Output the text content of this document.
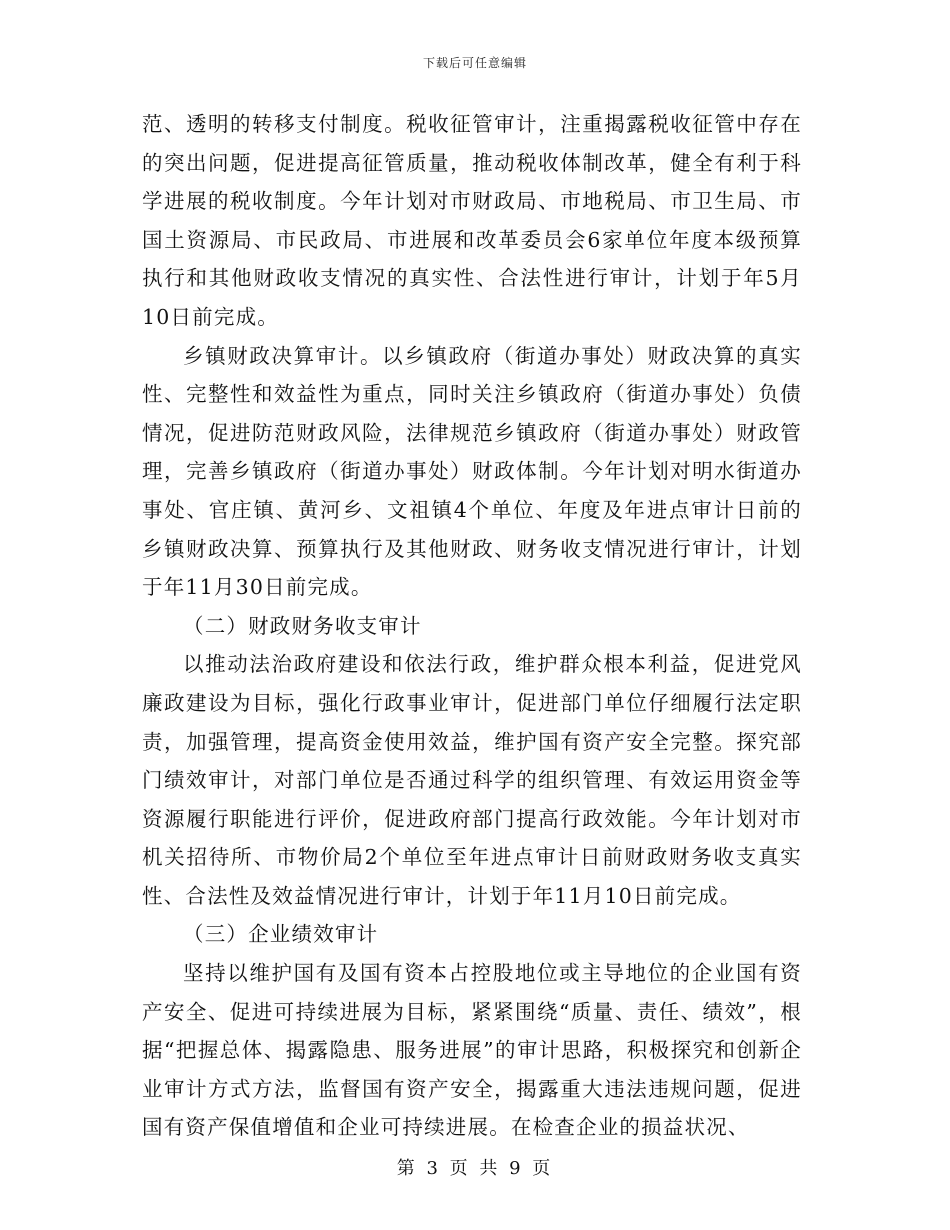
下载后可任意编辑

范、透明的转移支付制度。税收征管审计，注重揭露税收征管中存在的突出问题，促进提高征管质量，推动税收体制改革，健全有利于科学进展的税收制度。今年计划对市财政局、市地税局、市卫生局、市国土资源局、市民政局、市进展和改革委员会6家单位年度本级预算执行和其他财政收支情况的真实性、合法性进行审计，计划于年5月10日前完成。

乡镇财政决算审计。以乡镇政府（街道办事处）财政决算的真实性、完整性和效益性为重点，同时关注乡镇政府（街道办事处）负债情况，促进防范财政风险，法律规范乡镇政府（街道办事处）财政管理，完善乡镇政府（街道办事处）财政体制。今年计划对明水街道办事处、官庄镇、黄河乡、文祖镇4个单位、年度及年进点审计日前的乡镇财政决算、预算执行及其他财政、财务收支情况进行审计，计划于年11月30日前完成。

（二）财政财务收支审计

以推动法治政府建设和依法行政，维护群众根本利益，促进党风廉政建设为目标，强化行政事业审计，促进部门单位仔细履行法定职责，加强管理，提高资金使用效益，维护国有资产安全完整。探究部门绩效审计，对部门单位是否通过科学的组织管理、有效运用资金等资源履行职能进行评价，促进政府部门提高行政效能。今年计划对市机关招待所、市物价局2个单位至年进点审计日前财政财务收支真实性、合法性及效益情况进行审计，计划于年11月10日前完成。

（三）企业绩效审计

坚持以维护国有及国有资本占控股地位或主导地位的企业国有资产安全、促进可持续进展为目标，紧紧围绕“质量、责任、绩效”，根据“把握总体、揭露隐患、服务进展”的审计思路，积极探究和创新企业审计方式方法，监督国有资产安全，揭露重大违法违规问题，促进国有资产保值增值和企业可持续进展。在检查企业的损益状况、

第 3 页 共 9 页
